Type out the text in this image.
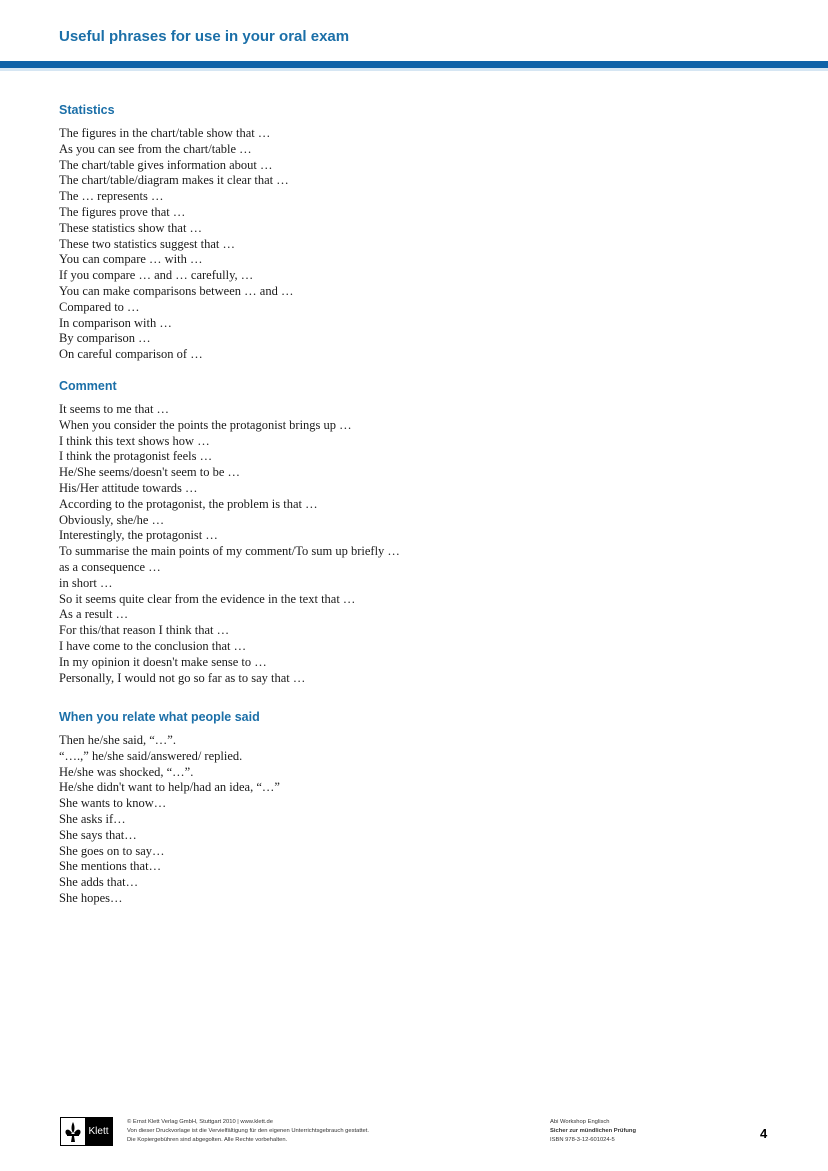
Useful phrases for use in your oral exam
Statistics
The figures in the chart/table show that …
As you can see from the chart/table …
The chart/table gives information about …
The chart/table/diagram makes it clear that …
The … represents …
The figures prove that …
These statistics show that …
These two statistics suggest that …
You can compare … with …
If you compare … and … carefully, …
You can make comparisons between … and …
Compared to …
In comparison with …
By comparison …
On careful comparison of …
Comment
It seems to me that …
When you consider the points the protagonist brings up …
I think this text shows how …
I think the protagonist feels …
He/She seems/doesn't seem to be …
His/Her attitude towards …
According to the protagonist, the problem is that …
Obviously, she/he …
Interestingly, the protagonist …
To summarise the main points of my comment/To sum up briefly …
as a consequence …
in short …
So it seems quite clear from the evidence in the text that …
As a result …
For this/that reason I think that …
I have come to the conclusion that …
In my opinion it doesn't make sense to …
Personally, I would not go so far as to say that …
When you relate what people said
Then he/she said, “…”.
“….,” he/she said/answered/ replied.
He/she was shocked, “…”.
He/she didn't want to help/had an idea, “…”
She wants to know…
She asks if…
She says that…
She goes on to say…
She mentions that…
She adds that…
She hopes…
Klett
© Ernst Klett Verlag GmbH, Stuttgart 2010 | www.klett.de
Von dieser Druckvorlage ist die Vervielfältigung für den eigenen Unterrichtsgebrauch gestattet.
Die Kopiergebühren sind abgegolten. Alle Rechte vorbehalten.
Abi Workshop Englisch
Sicher zur mündlichen Prüfung
ISBN 978-3-12-601024-5	4
